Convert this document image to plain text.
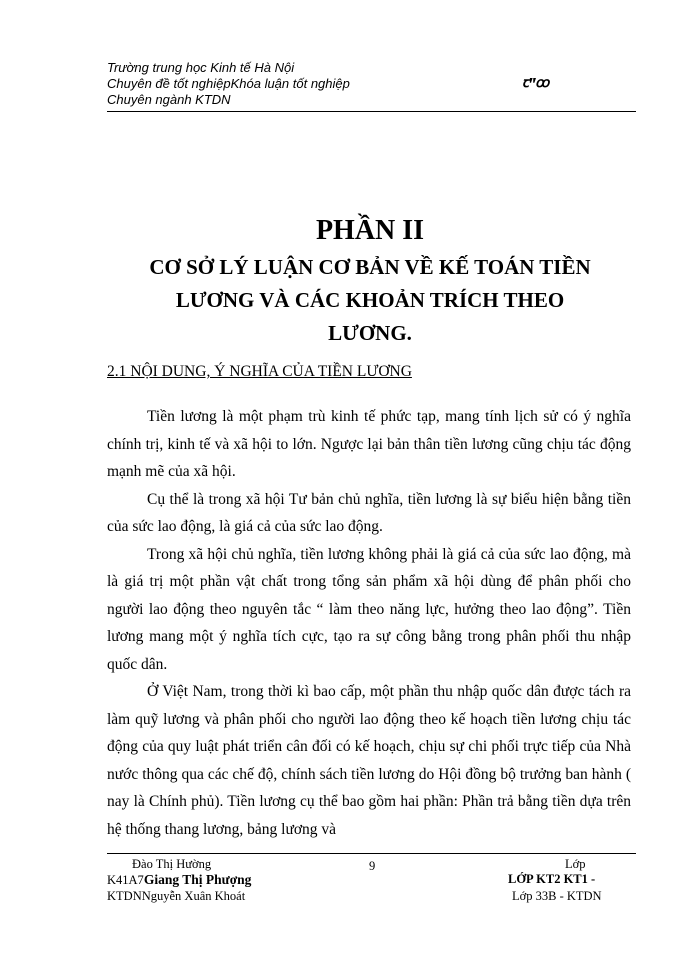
Trường trung học Kinh tế Hà Nội
Chuyên đề tốt nghiệpKhóa luận tốt nghiệp
Chuyên ngành KTDN
ꞇꞌꞌꝏ
PHẦN II
CƠ SỞ LÝ LUẬN CƠ BẢN VỀ KẾ TOÁN TIỀN
LƯƠNG VÀ CÁC KHOẢN TRÍCH THEO
LƯƠNG.
2.1 NỘI DUNG, Ý NGHĨA CỦA TIỀN LƯƠNG

Tiền lương là một phạm trù kinh tế phức tạp, mang tính lịch sử có ý nghĩa chính trị, kinh tế và xã hội to lớn. Ngược lại bản thân tiền lương cũng chịu tác động mạnh mẽ của xã hội.

Cụ thể là trong xã hội Tư bản chủ nghĩa, tiền lương là sự biểu hiện bằng tiền của sức lao động, là giá cả của sức lao động.

Trong xã hội chủ nghĩa, tiền lương không phải là giá cả của sức lao động, mà là giá trị một phần vật chất trong tổng sản phẩm xã hội dùng để phân phối cho người lao động theo nguyên tắc “ làm theo năng lực, hưởng theo lao động”. Tiền lương mang một ý nghĩa tích cực, tạo ra sự công bằng trong phân phối thu nhập quốc dân.

Ở Việt Nam, trong thời kì bao cấp, một phần thu nhập quốc dân được tách ra làm quỹ lương và phân phối cho người lao động theo kế hoạch tiền lương chịu tác động của quy luật phát triển cân đối có kế hoạch, chịu sự chi phối trực tiếp của Nhà nước thông qua các chế độ, chính sách tiền lương do Hội đồng bộ trưởng ban hành ( nay là Chính phủ). Tiền lương cụ thể bao gồm hai phần: Phần trả bằng tiền dựa trên hệ thống thang lương, bảng lương và

Đào Thị Hường
K41A7Giang Thị Phượng
KTDNNguyễn Xuân Khoát
9	Lớp
LỚP KT2 KT1 -
Lớp 33B - KTDN
